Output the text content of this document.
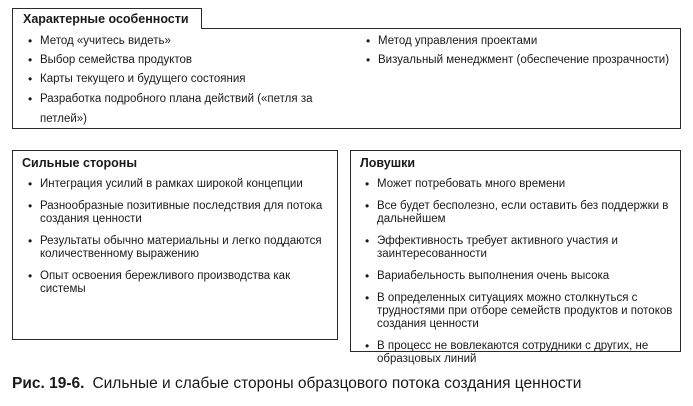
• Метод «учитесь видеть»
• Выбор семейства продуктов
• Карты текущего и будущего состояния
• Разработка подробного плана действий («петля за петлей»)
• Метод управления проектами
• Визуальный менеджмент (обеспечение прозрачности)
Характерные особенности
Сильные стороны
• Интеграция усилий в рамках широкой концепции
• Разнообразные позитивные последствия для потока создания ценности
• Результаты обычно материальны и легко поддаются количественному выражению
• Опыт освоения бережливого производства как системы
Ловушки
• Может потребовать много времени
• Все будет бесполезно, если оставить без поддержки в дальнейшем
• Эффективность требует активного участия и заинтересованности
• Вариабельность выполнения очень высока
• В определенных ситуациях можно столкнуться с трудностями при отборе семейств продуктов и потоков создания ценности
• В процесс не вовлекаются сотрудники с других, не образцовых линий
Рис. 19-6. Сильные и слабые стороны образцового потока создания ценности
